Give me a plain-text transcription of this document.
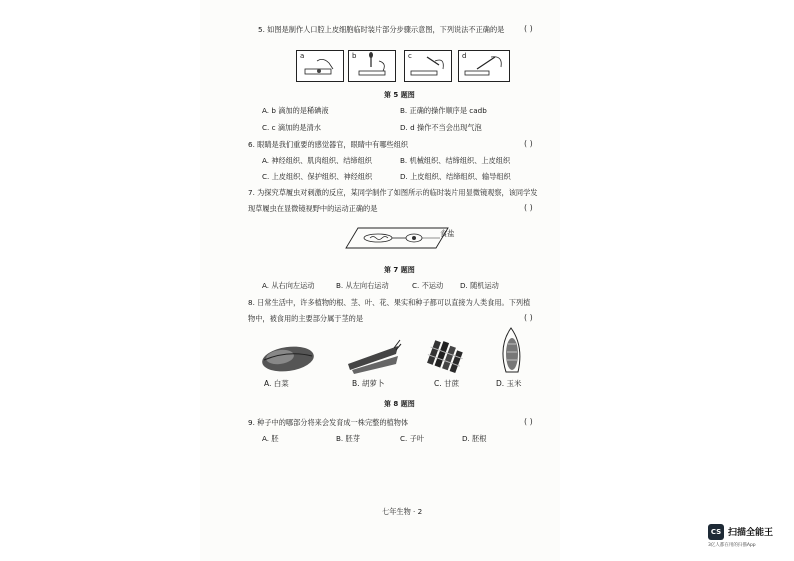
5. 如图是制作人口腔上皮细胞临时装片部分步骤示意图，下列说法不正确的是 ( )
a	b	c	d
第 5 题图
A. b 滴加的是稀碘液	B. 正确的操作顺序是 cadb
C. c 滴加的是清水	D. d 操作不当会出现气泡
6. 眼睛是我们重要的感觉器官，眼睛中有哪些组织	( )
A. 神经组织、肌肉组织、结缔组织	B. 机械组织、结缔组织、上皮组织
C. 上皮组织、保护组织、神经组织	D. 上皮组织、结缔组织、输导组织
7. 为探究草履虫对刺激的反应，某同学制作了如图所示的临时装片用显微镜观察，该同学发
现草履虫在显微镜视野中的运动正确的是	( )
食盐
第 7 题图
A. 从右向左运动	B. 从左向右运动	C. 不运动 D. 随机运动
8. 日常生活中，许多植物的根、茎、叶、花、果实和种子都可以直接为人类食用。下列植
物中，被食用的主要部分属于茎的是	( )
A. 白菜	B. 胡萝卜	C. 甘蔗	D. 玉米
第 8 题图
9. 种子中的哪部分将来会发育成一株完整的植物体	( )
A. 胚	B. 胚芽	C. 子叶	D. 胚根
七年生物 · 2
CS 扫描全能王
3亿人都在用的扫描App
